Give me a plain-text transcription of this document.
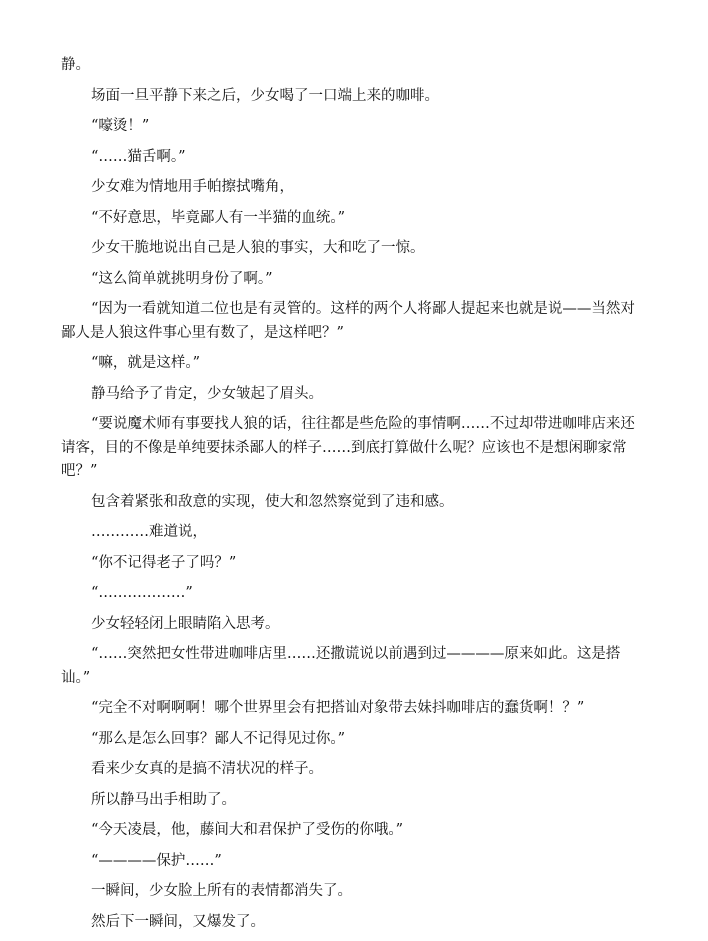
静。

场面一旦平静下来之后，少女喝了一口端上来的咖啡。

“嚎烫！”

“……猫舌啊。”

少女难为情地用手帕擦拭嘴角，

“不好意思，毕竟鄙人有一半猫的血统。”

少女干脆地说出自己是人狼的事实，大和吃了一惊。

“这么简单就挑明身份了啊。”

“因为一看就知道二位也是有灵管的。这样的两个人将鄙人提起来也就是说——当然对鄙人是人狼这件事心里有数了，是这样吧？”

“嘛，就是这样。”

静马给予了肯定，少女皱起了眉头。

“要说魔术师有事要找人狼的话，往往都是些危险的事情啊……不过却带进咖啡店来还请客，目的不像是单纯要抹杀鄙人的样子……到底打算做什么呢？应该也不是想闲聊家常吧？”

包含着紧张和敌意的实现，使大和忽然察觉到了违和感。

…………难道说，

“你不记得老子了吗？”

“………………”

少女轻轻闭上眼睛陷入思考。

“……突然把女性带进咖啡店里……还撒谎说以前遇到过————原来如此。这是搭讪。”

“完全不对啊啊啊！哪个世界里会有把搭讪对象带去妹抖咖啡店的蠢货啊！？”

“那么是怎么回事？鄙人不记得见过你。”

看来少女真的是搞不清状况的样子。

所以静马出手相助了。

“今天凌晨，他，藤间大和君保护了受伤的你哦。”

“————保护……”

一瞬间，少女脸上所有的表情都消失了。

然后下一瞬间，又爆发了。
